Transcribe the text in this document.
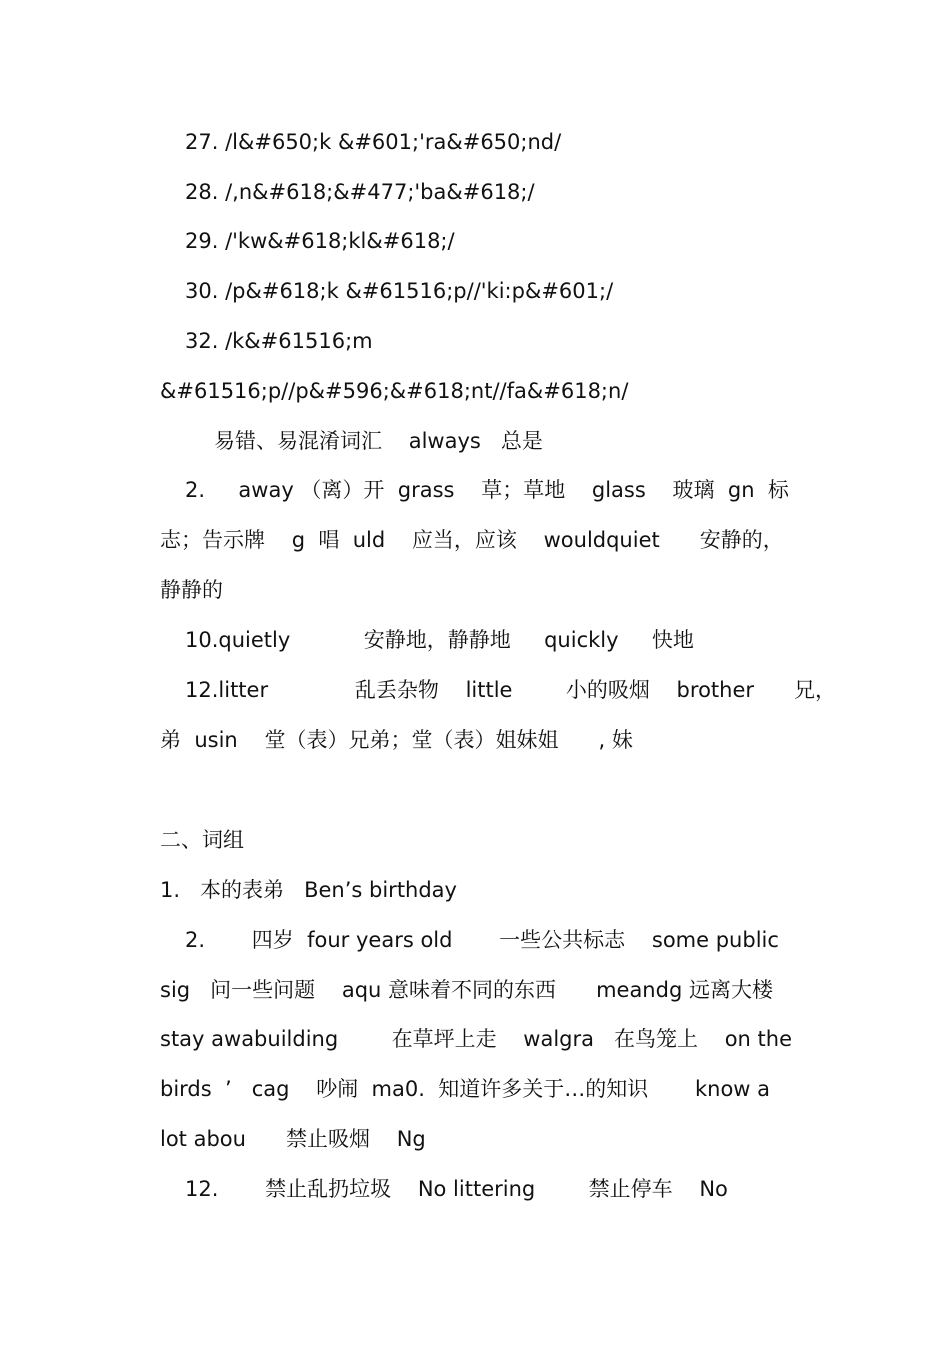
27. /l&#650;k &#601;'ra&#650;nd/

28. /,n&#618;&#477;'ba&#618;/

29. /'kw&#618;kl&#618;/

30. /p&#618;k &#61516;p//'ki:p&#601;/

32. /k&#61516;m

&#61516;p//p&#596;&#618;nt//fa&#618;n/

易错、易混淆词汇    always   总是

2.     away （离）开  grass    草；草地    glass    玻璃  gn  标

志；告示牌    g  唱  uld    应当，应该    wouldquiet      安静的，

静静的

10.quietly           安静地，静静地     quickly     快地

12.litter             乱丢杂物    little        小的吸烟    brother      兄，

弟  usin    堂（表）兄弟；堂（表）姐妹姐      , 妹

二、词组

1.   本的表弟   Ben’s birthday

2.       四岁  four years old       一些公共标志    some public

sig   问一些问题    aqu 意味着不同的东西      meandg 远离大楼

stay awabuilding        在草坪上走    walgra   在鸟笼上    on the

birds  ’   cag    吵闹  ma0.  知道许多关于…的知识       know a

lot abou      禁止吸烟    Ng

12.       禁止乱扔垃圾    No littering        禁止停车    No
